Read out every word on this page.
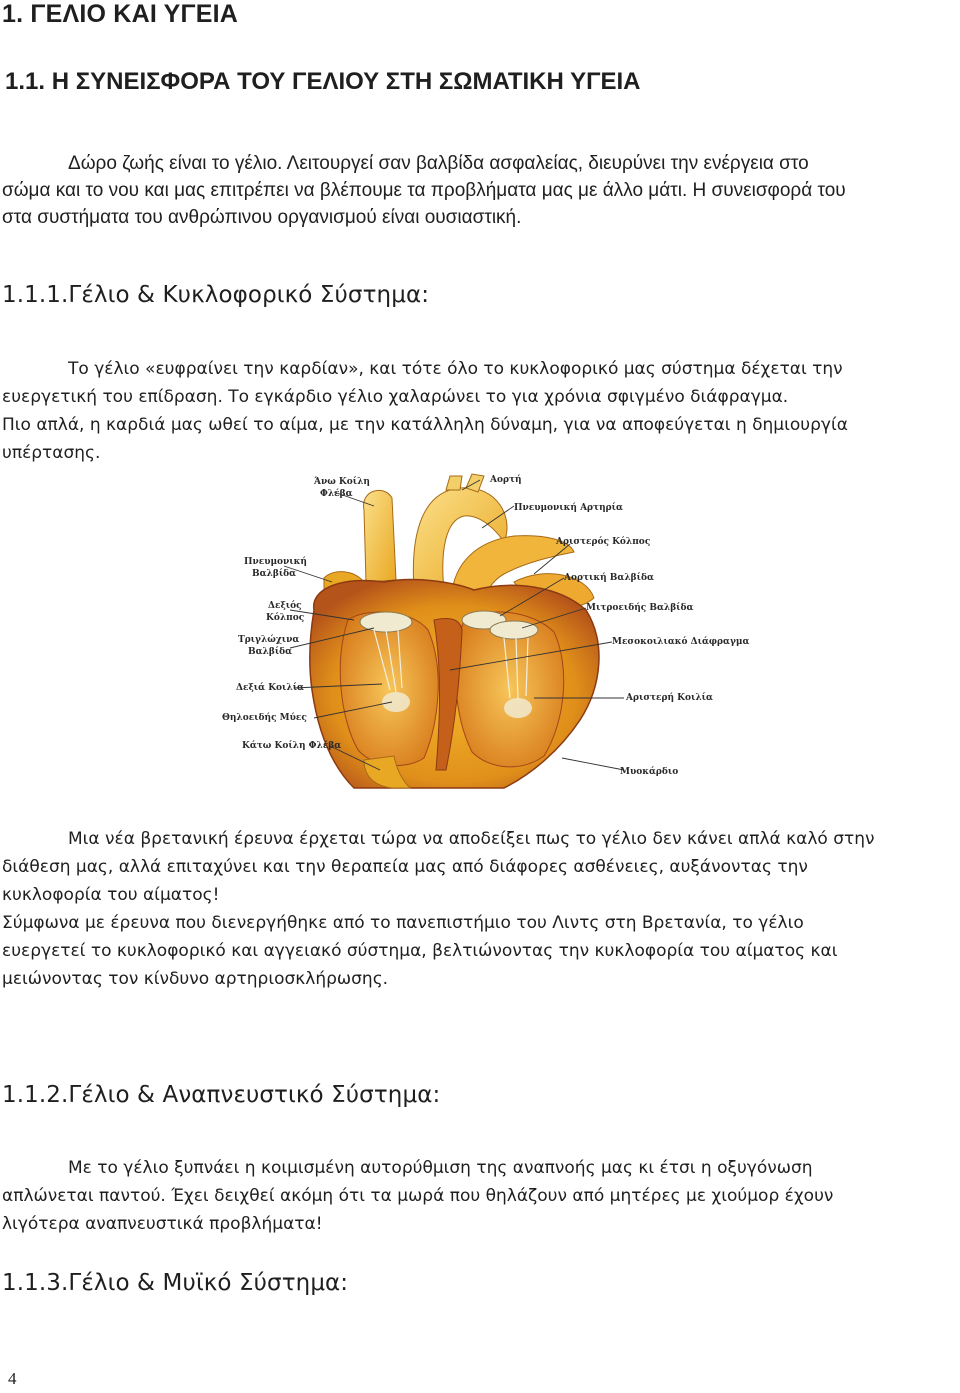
1. ΓΕΛΙΟ ΚΑΙ ΥΓΕΙΑ
1.1. Η ΣΥΝΕΙΣΦΟΡΑ ΤΟΥ ΓΕΛΙΟΥ ΣΤΗ ΣΩΜΑΤΙΚΗ ΥΓΕΙΑ
Δώρο ζωής είναι το γέλιο. Λειτουργεί σαν βαλβίδα ασφαλείας, διευρύνει την ενέργεια στο
σώμα και το νου και μας επιτρέπει να βλέπουμε τα προβλήματα μας με άλλο μάτι. Η συνεισφορά του
στα συστήματα του ανθρώπινου οργανισμού είναι ουσιαστική.
1.1.1.Γέλιο & Κυκλοφορικό Σύστημα:
Το γέλιο «ευφραίνει την καρδίαν», και τότε όλο το κυκλοφορικό μας σύστημα δέχεται την
ευεργετική του επίδραση. Το εγκάρδιο γέλιο χαλαρώνει το για χρόνια σφιγμένο διάφραγμα.
Πιο απλά, η καρδιά μας ωθεί το αίμα, με την κατάλληλη δύναμη, για να αποφεύγεται η δημιουργία
υπέρτασης.
Άνω Κοίλη
Φλέβα
Αορτή
Πνευμονική Αρτηρία
Αριστερός Κόλπος
Αορτική Βαλβίδα
Μιτροειδής Βαλβίδα
Μεσοκοιλιακό Διάφραγμα
Αριστερή Κοιλία
Μυοκάρδιο
Πνευμονική
Βαλβίδα
Δεξιός
Κόλπος
Τριγλώχινα
Βαλβίδα
Δεξιά Κοιλία
Θηλοειδής Μύες
Κάτω Κοίλη Φλέβα
Μια νέα βρετανική έρευνα έρχεται τώρα να αποδείξει πως το γέλιο δεν κάνει απλά καλό στην
διάθεση μας, αλλά επιταχύνει και την θεραπεία μας από διάφορες ασθένειες, αυξάνοντας την
κυκλοφορία του αίματος!
Σύμφωνα με έρευνα που διενεργήθηκε από το πανεπιστήμιο του Λιντς στη Βρετανία, το γέλιο
ευεργετεί το κυκλοφορικό και αγγειακό σύστημα, βελτιώνοντας την κυκλοφορία του αίματος και
μειώνοντας τον κίνδυνο αρτηριοσκλήρωσης.
1.1.2.Γέλιο & Αναπνευστικό Σύστημα:
Με το γέλιο ξυπνάει η κοιμισμένη αυτορύθμιση της αναπνοής μας κι έτσι η οξυγόνωση
απλώνεται παντού. Έχει δειχθεί ακόμη ότι τα μωρά που θηλάζουν από μητέρες με χιούμορ έχουν
λιγότερα αναπνευστικά προβλήματα!
1.1.3.Γέλιο & Μυϊκό Σύστημα:
4
